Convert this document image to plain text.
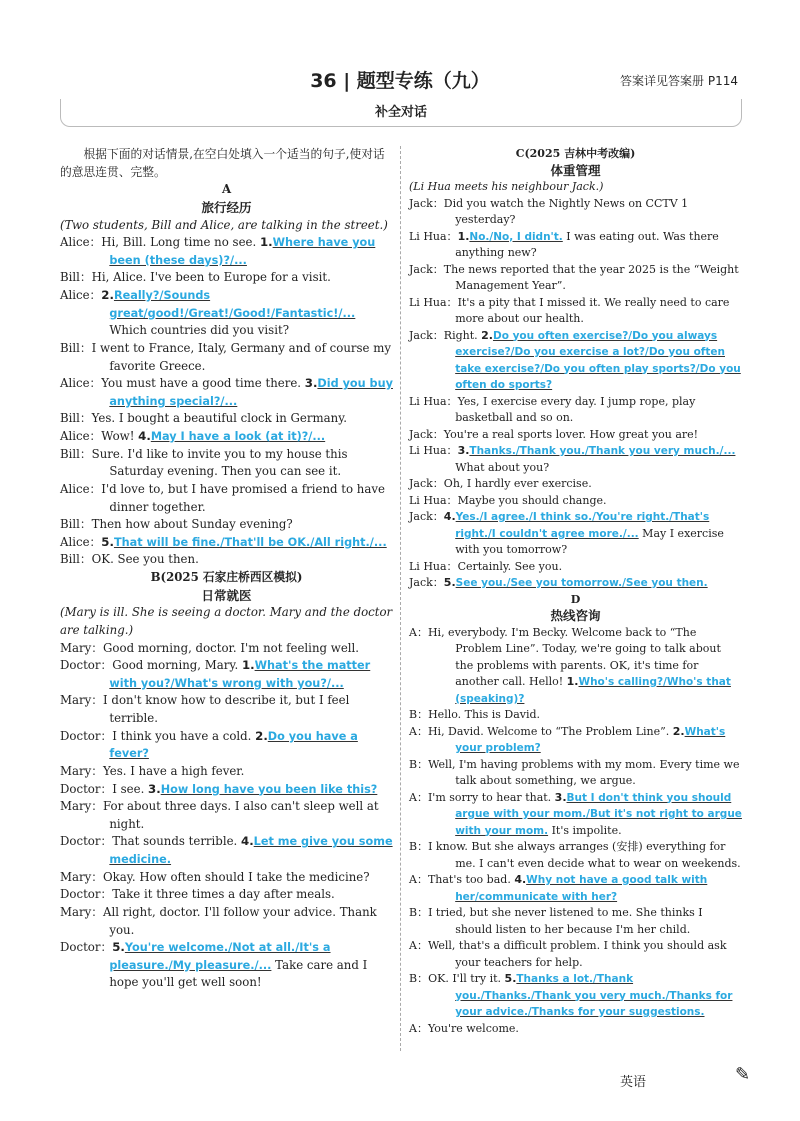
36 | 题型专练（九）	答案详见答案册 P114
补全对话

根据下面的对话情景,在空白处填入一个适当的句子,使对话的意思连贯、完整。

A

旅行经历

(Two students, Bill and Alice, are talking in the street.)

Alice：Hi, Bill. Long time no see. 1.Where have you been (these days)?/...

Bill：Hi, Alice. I've been to Europe for a visit.

Alice：2.Really?/Sounds great/good!/Great!/Good!/Fantastic!/... Which countries did you visit?

Bill：I went to France, Italy, Germany and of course my favorite Greece.

Alice：You must have a good time there. 3.Did you buy anything special?/...

Bill：Yes. I bought a beautiful clock in Germany.

Alice：Wow! 4.May I have a look (at it)?/...

Bill：Sure. I'd like to invite you to my house this Saturday evening. Then you can see it.

Alice：I'd love to, but I have promised a friend to have dinner together.

Bill：Then how about Sunday evening?

Alice：5.That will be fine./That'll be OK./All right./...

Bill：OK. See you then.

B(2025 石家庄桥西区模拟)

日常就医

(Mary is ill. She is seeing a doctor. Mary and the doctor are talking.)

Mary：Good morning, doctor. I'm not feeling well.

Doctor：Good morning, Mary. 1.What's the matter with you?/What's wrong with you?/...

Mary：I don't know how to describe it, but I feel terrible.

Doctor：I think you have a cold. 2.Do you have a fever?

Mary：Yes. I have a high fever.

Doctor：I see. 3.How long have you been like this?

Mary：For about three days. I also can't sleep well at night.

Doctor：That sounds terrible. 4.Let me give you some medicine.

Mary：Okay. How often should I take the medicine?

Doctor：Take it three times a day after meals.

Mary：All right, doctor. I'll follow your advice. Thank you.

Doctor：5.You're welcome./Not at all./It's a pleasure./My pleasure./... Take care and I hope you'll get well soon!

C(2025 吉林中考改编)

体重管理

(Li Hua meets his neighbour Jack.)

Jack：Did you watch the Nightly News on CCTV 1 yesterday?

Li Hua：1.No./No, I didn't. I was eating out. Was there anything new?

Jack：The news reported that the year 2025 is the “Weight Management Year”.

Li Hua：It's a pity that I missed it. We really need to care more about our health.

Jack：Right. 2.Do you often exercise?/Do you always exercise?/Do you exercise a lot?/Do you often take exercise?/Do you often play sports?/Do you often do sports?

Li Hua：Yes, I exercise every day. I jump rope, play basketball and so on.

Jack：You're a real sports lover. How great you are!

Li Hua：3.Thanks./Thank you./Thank you very much./... What about you?

Jack：Oh, I hardly ever exercise.

Li Hua：Maybe you should change.

Jack：4.Yes./I agree./I think so./You're right./That's right./I couldn't agree more./... May I exercise with you tomorrow?

Li Hua：Certainly. See you.

Jack：5.See you./See you tomorrow./See you then.

D

热线咨询

A：Hi, everybody. I'm Becky. Welcome back to “The Problem Line”. Today, we're going to talk about the problems with parents. OK, it's time for another call. Hello! 1.Who's calling?/Who's that (speaking)?

B：Hello. This is David.

A：Hi, David. Welcome to “The Problem Line”. 2.What's your problem?

B：Well, I'm having problems with my mom. Every time we talk about something, we argue.

A：I'm sorry to hear that. 3.But I don't think you should argue with your mom./But it's not right to argue with your mom. It's impolite.

B：I know. But she always arranges (安排) everything for me. I can't even decide what to wear on weekends.

A：That's too bad. 4.Why not have a good talk with her/communicate with her?

B：I tried, but she never listened to me. She thinks I should listen to her because I'm her child.

A：Well, that's a difficult problem. I think you should ask your teachers for help.

B：OK. I'll try it. 5.Thanks a lot./Thank you./Thanks./Thank you very much./Thanks for your advice./Thanks for your suggestions.

A：You're welcome.

英语	✎
